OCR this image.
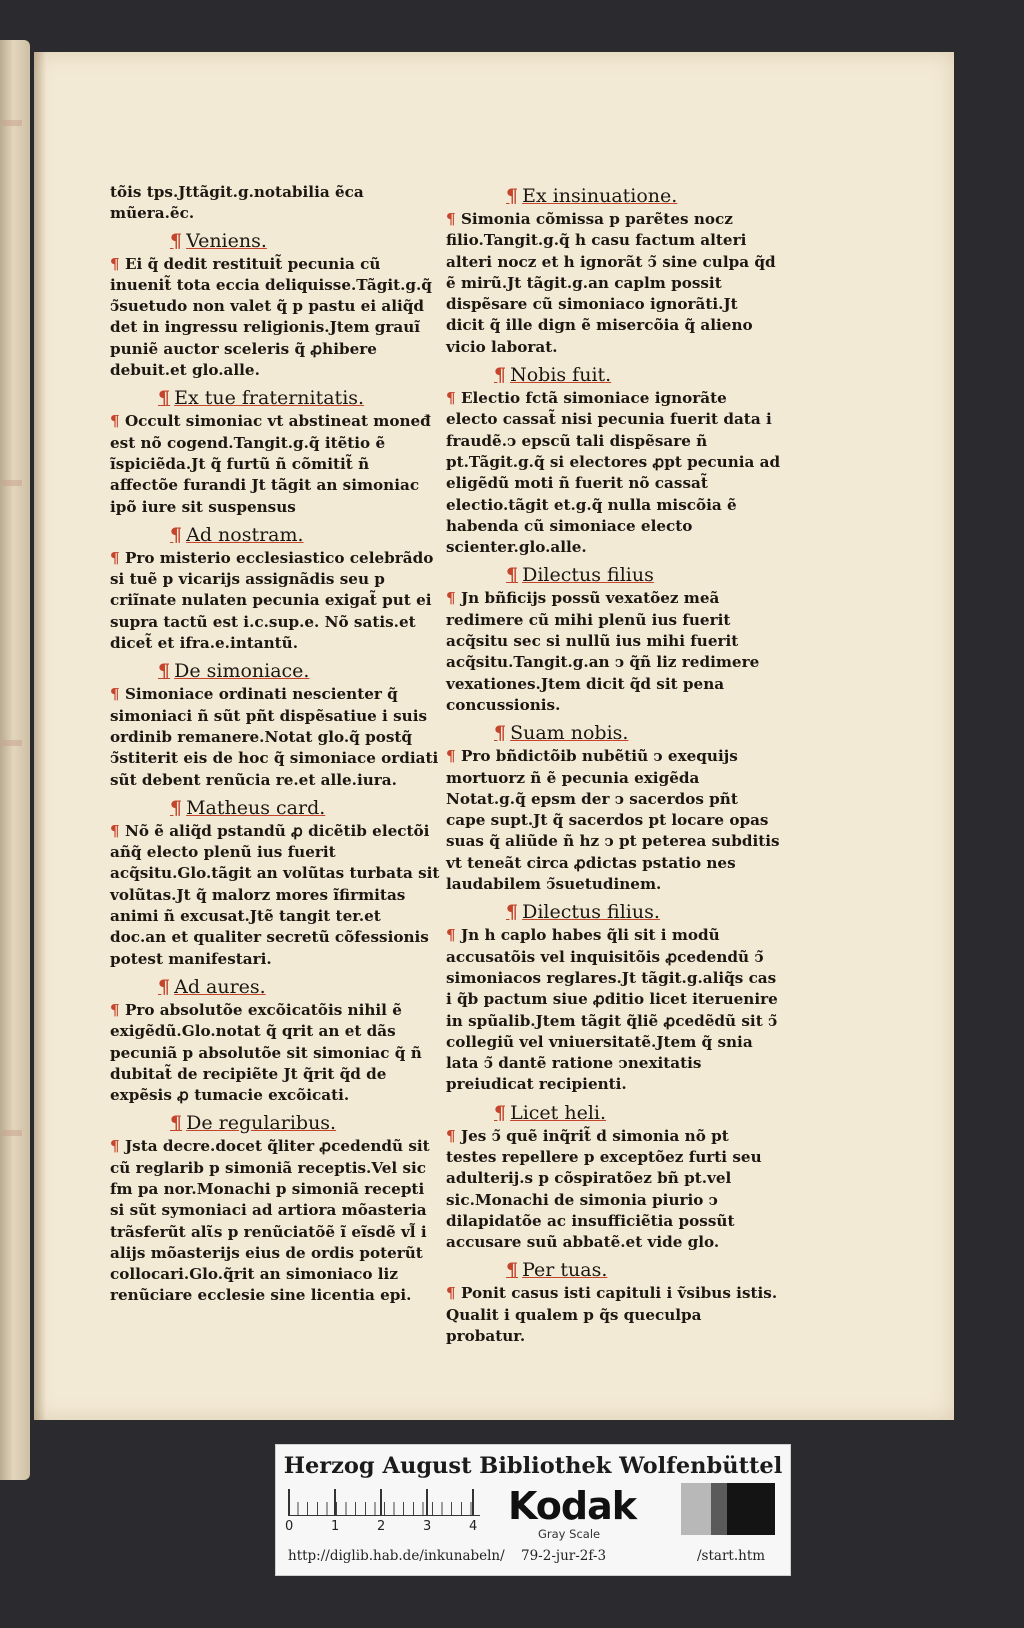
tõis tps.Jttãgit.g.notabilia ẽca mũera.ẽc.
¶ Veniens.
¶ Ei q̃ dedit restituit̃ pecunia cũ inuenit̃ tota eccia deliquisse.Tãgit.g.q̃ ↄ̃suetudo non valet q̃ p pastu ei aliq̃d det in ingressu religionis.Jtem grauĩ puniẽ auctor sceleris q̃ ꝓhibere debuit.et glo.alle.
¶ Ex tue fraternitatis.
¶ Occult simoniac vt abstineat moneđ est nõ cogend.Tangit.g.q̃ itẽtio ẽ ĩspiciẽda.Jt q̃ furtũ ñ cõmitit̃ ñ affectõe furandi Jt tãgit an simoniac ipõ iure sit suspensus
¶ Ad nostram.
¶ Pro misterio ecclesiastico celebrãdo si tuẽ p vicarijs assignãdis seu p criĩnate nulaten pecunia exigat̃ put ei supra tactũ est i.c.sup.e. Nõ satis.et dicet̃ et ifra.e.intantũ.
¶ De simoniace.
¶ Simoniace ordinati nescienter q̃ simoniaci ñ sũt pñt dispẽsatiue i suis ordinib remanere.Notat glo.q̃ postq̃ ↄ̃stiterit eis de hoc q̃ simoniace ordiati sũt debent renũcia re.et alle.iura.
¶ Matheus card.
¶ Nõ ẽ aliq̃d pstandũ ꝓ dicẽtib electõi añq̃ electo plenũ ius fuerit acq̃situ.Glo.tãgit an volũtas turbata sit volũtas.Jt q̃ malorz mores ĩfirmitas animi ñ excusat.Jtẽ tangit ter.et doc.an et qualiter secretũ cõfessionis potest manifestari.
¶ Ad aures.
¶ Pro absolutõe excõicatõis nihil ẽ exigẽdũ.Glo.notat q̃ qrit an et dãs pecuniã p absolutõe sit simoniac q̃ ñ dubitat̃ de recipiẽte Jt q̃rit q̃d de expẽsis ꝓ tumacie excõicati.
¶ De regularibus.
¶ Jsta decre.docet q̃liter ꝓcedendũ sit cũ reglarib p simoniã receptis.Vel sic fm pa nor.Monachi p simoniã recepti si sũt symoniaci ad artiora mõasteria trãsferũt alῖs p renũciatõẽ ĩ eĩsdẽ vl̃ i alijs mõasterijs eius de ordis poterũt collocari.Glo.q̃rit an simoniaco liz renũciare ecclesie sine licentia epi.
¶ Ex insinuatione.
¶ Simonia cõmissa p parẽtes nocz filio.Tangit.g.q̃ h casu factum alteri alteri nocz et h ignorãt ↄ̃ sine culpa q̃d ẽ mirũ.Jt tãgit.g.an caplm possit dispẽsare cũ simoniaco ignorãti.Jt dicit q̃ ille dign ẽ misercõia q̃ alieno vicio laborat.
¶ Nobis fuit.
¶ Electio fctã simoniace ignorãte electo cassat̃ nisi pecunia fuerit data i fraudẽ.ↄ epscũ tali dispẽsare ñ pt.Tãgit.g.q̃ si electores ꝓpt pecunia ad eligẽdũ moti ñ fuerit nõ cassat̃ electio.tãgit et.g.q̃ nulla miscõia ẽ habenda cũ simoniace electo scienter.glo.alle.
¶ Dilectus filius
¶ Jn bñficijs possũ vexatõez meã redimere cũ mihi plenũ ius fuerit acq̃situ sec si nullũ ius mihi fuerit acq̃situ.Tangit.g.an ↄ q̃ñ liz redimere vexationes.Jtem dicit q̃d sit pena concussionis.
¶ Suam nobis.
¶ Pro bñdictõib nubẽtiũ ↄ exequijs mortuorz ñ ẽ pecunia exigẽda Notat.g.q̃ epsm der ↄ sacerdos pñt cape supt.Jt q̃ sacerdos pt locare opas suas q̃ aliũde ñ hz ↄ pt peterea subditis vt teneãt circa ꝓdictas pstatio nes laudabilem ↄ̃suetudinem.
¶ Dilectus filius.
¶ Jn h caplo habes q̃li sit i modũ accusatõis vel inquisitõis ꝓcedendũ ↄ̃ simoniacos reglares.Jt tãgit.g.aliq̃s cas i q̃b pactum siue ꝓditio licet iteruenire in spũalib.Jtem tãgit q̃liẽ ꝓcedẽdũ sit ↄ̃ collegiũ vel vniuersitatẽ.Jtem q̃ snia lata ↄ̃ dantẽ ratione ↄnexitatis preiudicat recipienti.
¶ Licet heli.
¶ Jes ↄ̃ quẽ inq̃rit̃ d simonia nõ pt testes repellere p exceptõez furti seu adulterij.s p cõspiratõez bñ pt.vel sic.Monachi de simonia piurio ↄ dilapidatõe ac insufficiẽtia possũt accusare suũ abbatẽ.et vide glo.
¶ Per tuas.
¶ Ponit casus isti capituli i ṽsibus istis. Qualit i qualem p q̃s queculpa probatur.
Herzog August Bibliothek Wolfenbüttel
0	1	2	3	4 Kodak
Gray Scale
http://diglib.hab.de/inkunabeln/ 79-2-jur-2f-3	/start.htm
